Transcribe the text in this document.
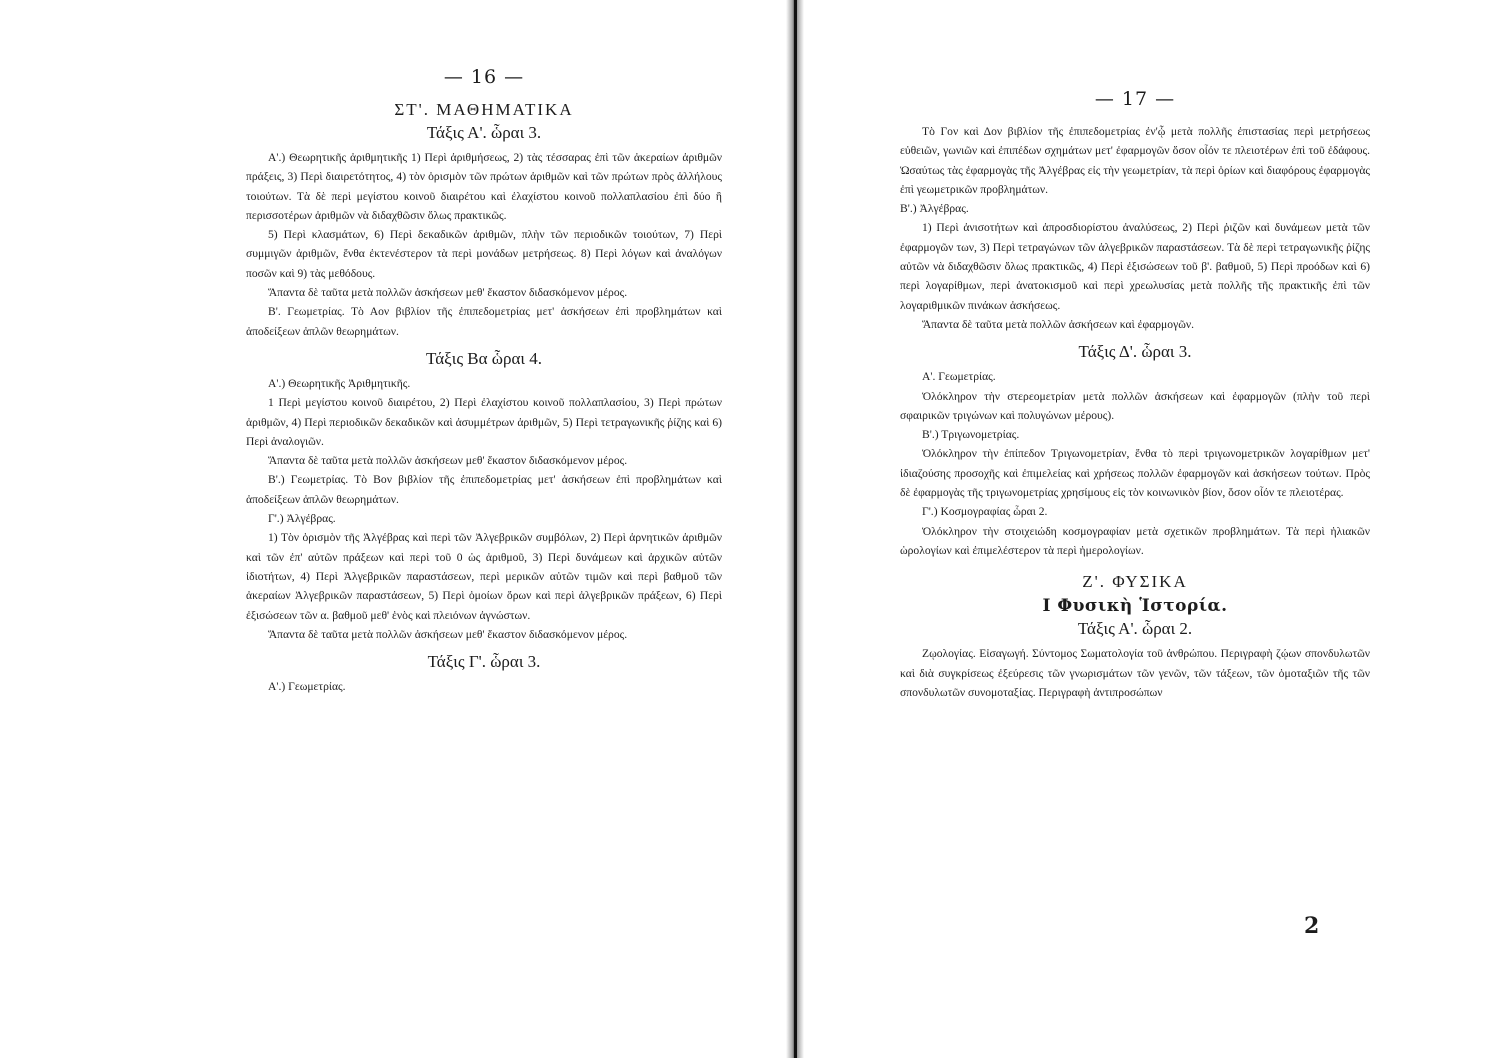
— 16 —
ΣΤ'. ΜΑΘΗΜΑΤΙΚΑ
Τάξις Α'. ὧραι 3.

Α'.) Θεωρητικῆς ἀριθμητικῆς 1) Περὶ ἀριθμήσεως, 2) τὰς τέσσαρας ἐπὶ τῶν ἀκεραίων ἀριθμῶν πράξεις, 3) Περὶ διαιρετότητος, 4) τὸν ὁρισμὸν τῶν πρώτων ἀριθμῶν καὶ τῶν πρώτων πρὸς ἀλλήλους τοιούτων. Τὰ δὲ περὶ μεγίστου κοινοῦ διαιρέτου καὶ ἐλαχίστου κοινοῦ πολλαπλασίου ἐπὶ δύο ἢ περισσοτέρων ἀριθμῶν νὰ διδαχθῶσιν ὅλως πρακτικῶς.

5) Περὶ κλασμάτων, 6) Περὶ δεκαδικῶν ἀριθμῶν, πλὴν τῶν περιοδικῶν τοιούτων, 7) Περὶ συμμιγῶν ἀριθμῶν, ἔνθα ἐκτενέστερον τὰ περὶ μονάδων μετρήσεως. 8) Περὶ λόγων καὶ ἀναλόγων ποσῶν καὶ 9) τὰς μεθόδους.

Ἅπαντα δὲ ταῦτα μετὰ πολλῶν ἀσκήσεων μεθ' ἕκαστον διδασκόμενον μέρος.

Β'. Γεωμετρίας. Τὸ Αον βιβλίον τῆς ἐπιπεδομετρίας μετ' ἀσκήσεων ἐπὶ προβλημάτων καὶ ἀποδείξεων ἁπλῶν θεωρημάτων.

Τάξις Βα ὧραι 4.

Α'.) Θεωρητικῆς Ἀριθμητικῆς.

1 Περὶ μεγίστου κοινοῦ διαιρέτου, 2) Περὶ ἐλαχίστου κοινοῦ πολλαπλασίου, 3) Περὶ πρώτων ἀριθμῶν, 4) Περὶ περιοδικῶν δεκαδικῶν καὶ ἀσυμμέτρων ἀριθμῶν, 5) Περὶ τετραγωνικῆς ῥίζης καὶ 6) Περὶ ἀναλογιῶν.

Ἅπαντα δὲ ταῦτα μετὰ πολλῶν ἀσκήσεων μεθ' ἕκαστον διδασκόμενον μέρος.

Β'.) Γεωμετρίας. Τὸ Βον βιβλίον τῆς ἐπιπεδομετρίας μετ' ἀσκήσεων ἐπὶ προβλημάτων καὶ ἀποδείξεων ἁπλῶν θεωρημάτων.

Γ'.) Ἀλγέβρας.

1) Τὸν ὁρισμὸν τῆς Ἀλγέβρας καὶ περὶ τῶν Ἀλγεβρικῶν συμβόλων, 2) Περὶ ἀρνητικῶν ἀριθμῶν καὶ τῶν ἐπ' αὐτῶν πράξεων καὶ περὶ τοῦ 0 ὡς ἀριθμοῦ, 3) Περὶ δυνάμεων καὶ ἀρχικῶν αὐτῶν ἰδιοτήτων, 4) Περὶ Ἀλγεβρικῶν παραστάσεων, περὶ μερικῶν αὐτῶν τιμῶν καὶ περὶ βαθμοῦ τῶν ἀκεραίων Ἀλγεβρικῶν παραστάσεων, 5) Περὶ ὁμοίων ὅρων καὶ περὶ ἀλγεβρικῶν πράξεων, 6) Περὶ ἐξισώσεων τῶν α. βαθμοῦ μεθ' ἑνὸς καὶ πλειόνων ἀγνώστων.

Ἅπαντα δὲ ταῦτα μετὰ πολλῶν ἀσκήσεων μεθ' ἕκαστον διδασκόμενον μέρος.

Τάξις Γ'. ὧραι 3.

Α'.) Γεωμετρίας.

— 17 —

Τὸ Γον καὶ Δον βιβλίον τῆς ἐπιπεδομετρίας ἐν'ᾧ μετὰ πολλῆς ἐπιστασίας περὶ μετρήσεως εὐθειῶν, γωνιῶν καὶ ἐπιπέδων σχημάτων μετ' ἐφαρμογῶν ὅσον οἷόν τε πλειοτέρων ἐπὶ τοῦ ἐδάφους. Ὡσαύτως τὰς ἐφαρμογὰς τῆς Ἀλγέβρας εἰς τὴν γεωμετρίαν, τὰ περὶ ὁρίων καὶ διαφόρους ἐφαρμογὰς ἐπὶ γεωμετρικῶν προβλημάτων.

Β'.) Ἀλγέβρας.

1) Περὶ ἀνισοτήτων καὶ ἀπροσδιορίστου ἀναλύσεως, 2) Περὶ ῥιζῶν καὶ δυνάμεων μετὰ τῶν ἐφαρμογῶν των, 3) Περὶ τετραγώνων τῶν ἀλγεβρικῶν παραστάσεων. Τὰ δὲ περὶ τετραγωνικῆς ῥίζης αὐτῶν νὰ διδαχθῶσιν ὅλως πρακτικῶς, 4) Περὶ ἐξισώσεων τοῦ β'. βαθμοῦ, 5) Περὶ προόδων καὶ 6) περὶ λογαρίθμων, περὶ ἀνατοκισμοῦ καὶ περὶ χρεωλυσίας μετὰ πολλῆς τῆς πρακτικῆς ἐπὶ τῶν λογαριθμικῶν πινάκων ἀσκήσεως.

Ἅπαντα δὲ ταῦτα μετὰ πολλῶν ἀσκήσεων καὶ ἐφαρμογῶν.

Τάξις Δ'. ὧραι 3.

Α'. Γεωμετρίας.

Ὁλόκληρον τὴν στερεομετρίαν μετὰ πολλῶν ἀσκήσεων καὶ ἐφαρμογῶν (πλὴν τοῦ περὶ σφαιρικῶν τριγώνων καὶ πολυγώνων μέρους).

Β'.) Τριγωνομετρίας.

Ὁλόκληρον τὴν ἐπίπεδον Τριγωνομετρίαν, ἔνθα τὸ περὶ τριγωνομετρικῶν λογαρίθμων μετ' ἰδιαζούσης προσοχῆς καὶ ἐπιμελείας καὶ χρήσεως πολλῶν ἐφαρμογῶν καὶ ἀσκήσεων τούτων. Πρὸς δὲ ἐφαρμογὰς τῆς τριγωνομετρίας χρησίμους εἰς τὸν κοινωνικὸν βίον, ὅσον οἷόν τε πλειοτέρας.

Γ'.) Κοσμογραφίας ὧραι 2.

Ὁλόκληρον τὴν στοιχειώδη κοσμογραφίαν μετὰ σχετικῶν προβλημάτων. Τὰ περὶ ἡλιακῶν ὡρολογίων καὶ ἐπιμελέστερον τὰ περὶ ἡμερολογίων.

Ζ'. ΦΥΣΙΚΑ
Ι Φυσικὴ Ἱστορία.
Τάξις Α'. ὧραι 2.

Ζῳολογίας. Εἰσαγωγή. Σύντομος Σωματολογία τοῦ ἀνθρώπου. Περιγραφὴ ζῴων σπονδυλωτῶν καὶ διὰ συγκρίσεως ἐξεύρεσις τῶν γνωρισμάτων τῶν γενῶν, τῶν τάξεων, τῶν ὁμοταξιῶν τῆς τῶν σπονδυλωτῶν συνομοταξίας. Περιγραφὴ ἀντιπροσώπων

2
